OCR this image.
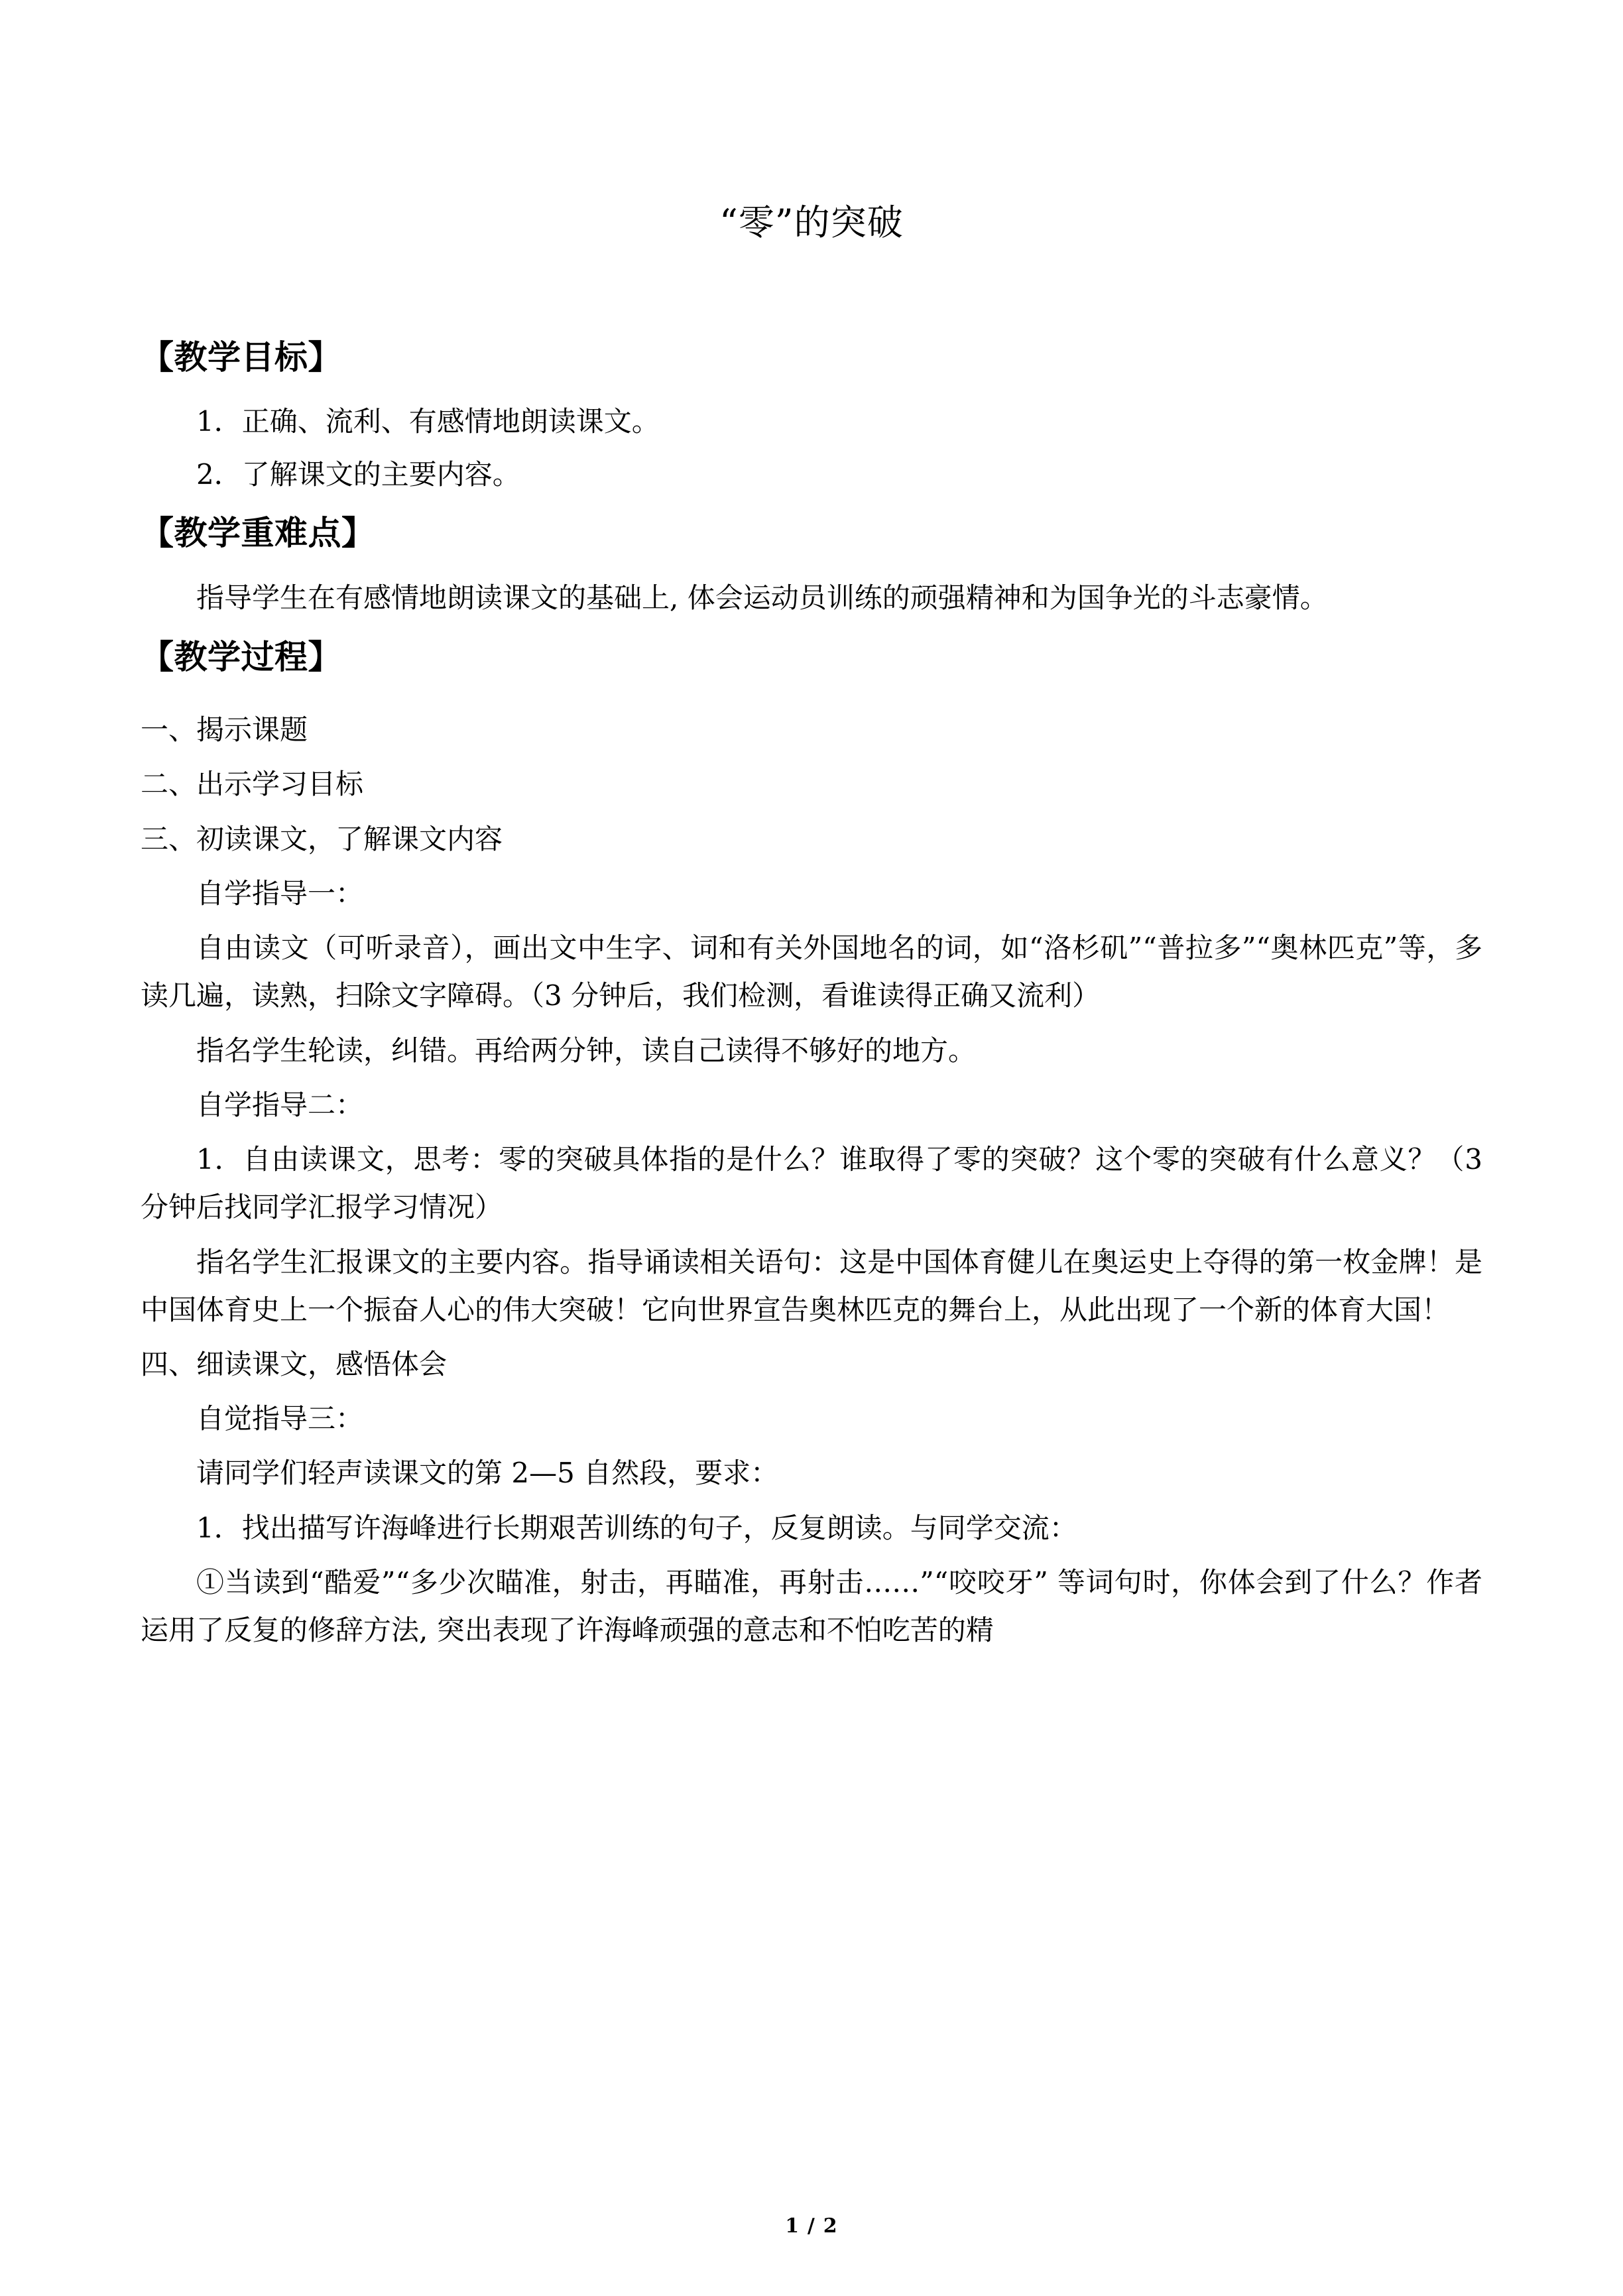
“零”的突破
【教学目标】

1．正确、流利、有感情地朗读课文。

2．了解课文的主要内容。

【教学重难点】

指导学生在有感情地朗读课文的基础上, 体会运动员训练的顽强精神和为国争光的斗志豪情。

【教学过程】

一、揭示课题

二、出示学习目标

三、初读课文，了解课文内容

自学指导一：

自由读文（可听录音），画出文中生字、词和有关外国地名的词，如“洛杉矶”“普拉多”“奥林匹克”等，多读几遍，读熟，扫除文字障碍。（3 分钟后，我们检测，看谁读得正确又流利）

指名学生轮读，纠错。再给两分钟，读自己读得不够好的地方。

自学指导二：

1．自由读课文，思考：零的突破具体指的是什么？谁取得了零的突破？这个零的突破有什么意义？（3 分钟后找同学汇报学习情况）

指名学生汇报课文的主要内容。指导诵读相关语句：这是中国体育健儿在奥运史上夺得的第一枚金牌！是中国体育史上一个振奋人心的伟大突破！它向世界宣告奥林匹克的舞台上，从此出现了一个新的体育大国！

四、细读课文，感悟体会

自觉指导三：

请同学们轻声读课文的第 2—5 自然段，要求：

1．找出描写许海峰进行长期艰苦训练的句子，反复朗读。与同学交流：

①当读到“酷爱”“多少次瞄准，射击，再瞄准，再射击……”“咬咬牙” 等词句时，你体会到了什么？作者运用了反复的修辞方法, 突出表现了许海峰顽强的意志和不怕吃苦的精

1 / 2
